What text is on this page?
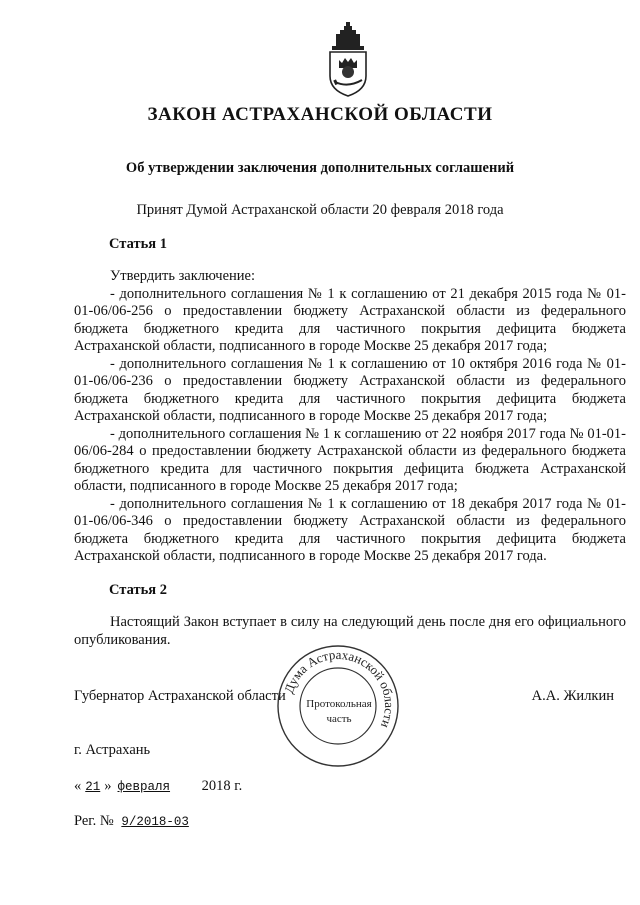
ЗАКОН АСТРАХАНСКОЙ ОБЛАСТИ
Об утверждении заключения дополнительных соглашений
Принят Думой Астраханской области 20 февраля 2018 года
Статья 1

Утвердить заключение:

- дополнительного соглашения № 1 к соглашению от 21 декабря 2015 года № 01-01-06/06-256 о предоставлении бюджету Астраханской области из федерального бюджета бюджетного кредита для частичного покрытия дефицита бюджета Астраханской области, подписанного в городе Москве 25 декабря 2017 года;

- дополнительного соглашения № 1 к соглашению от 10 октября 2016 года № 01-01-06/06-236 о предоставлении бюджету Астраханской области из федерального бюджета бюджетного кредита для частичного покрытия дефицита бюджета Астраханской области, подписанного в городе Москве 25 декабря 2017 года;

- дополнительного соглашения № 1 к соглашению от 22 ноября 2017 года № 01-01-06/06-284 о предоставлении бюджету Астраханской области из федерального бюджета бюджетного кредита для частичного покрытия дефицита бюджета Астраханской области, подписанного в городе Москве 25 декабря 2017 года;

- дополнительного соглашения № 1 к соглашению от 18 декабря 2017 года № 01-01-06/06-346 о предоставлении бюджету Астраханской области из федерального бюджета бюджетного кредита для частичного покрытия дефицита бюджета Астраханской области, подписанного в городе Москве 25 декабря 2017 года.

Статья 2

Настоящий Закон вступает в силу на следующий день после дня его официального опубликования.

Губернатор Астраханской области	А.А. Жилкин
Дума Астраханской области
Протокольная
часть
г. Астрахань
« 21 » февраля 2018 г.
Рег. № 9/2018-03
